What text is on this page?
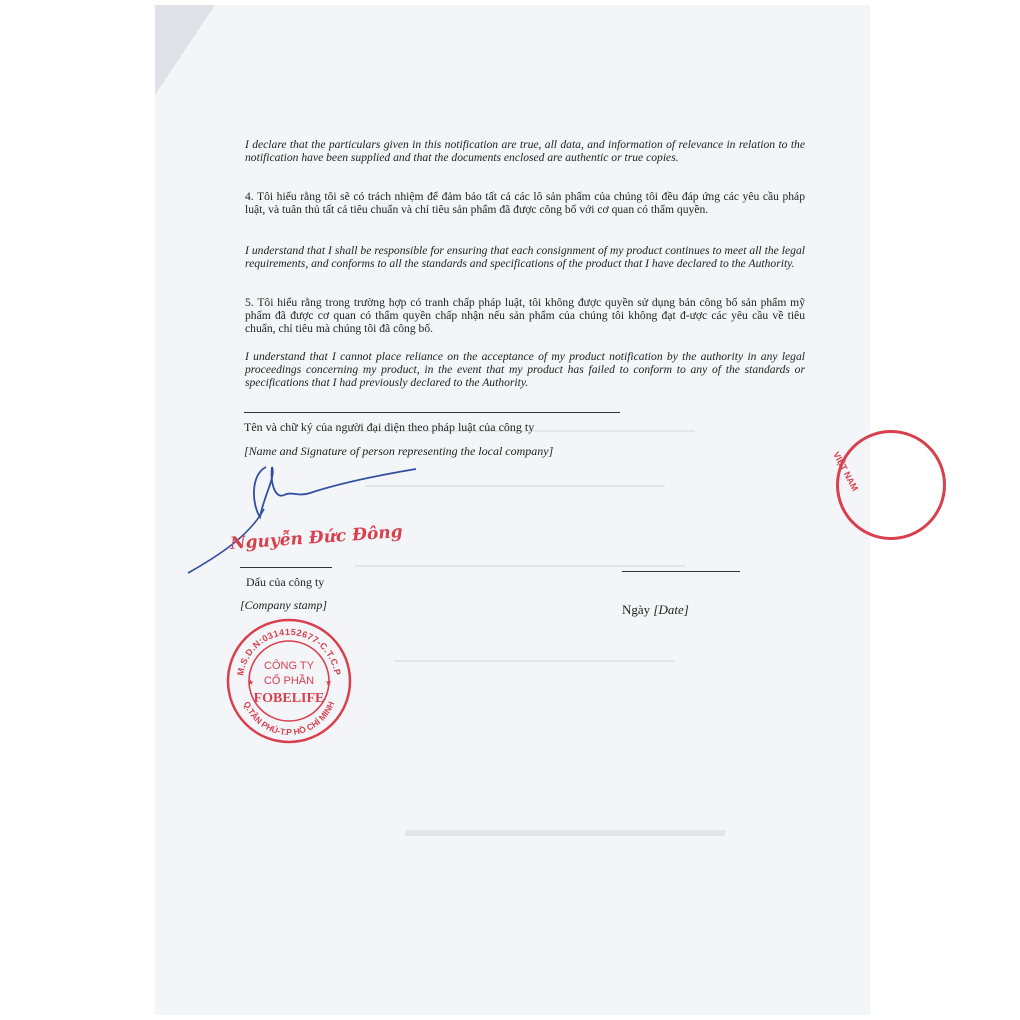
I declare that the particulars given in this notification are true, all data, and information of relevance in relation to the notification have been supplied and that the documents enclosed are authentic or true copies.

4. Tôi hiểu rằng tôi sẽ có trách nhiệm để đảm bảo tất cả các lô sản phẩm của chúng tôi đều đáp ứng các yêu cầu pháp luật, và tuân thủ tất cả tiêu chuẩn và chỉ tiêu sản phẩm đã được công bố với cơ quan có thẩm quyền.

I understand that I shall be responsible for ensuring that each consignment of my product continues to meet all the legal requirements, and conforms to all the standards and specifications of the product that I have declared to the Authority.

5. Tôi hiểu rằng trong trường hợp có tranh chấp pháp luật, tôi không được quyền sử dụng bản công bố sản phẩm mỹ phẩm đã được cơ quan có thẩm quyền chấp nhận nếu sản phẩm của chúng tôi không đạt đ-ược các yêu cầu về tiêu chuẩn, chỉ tiêu mà chúng tôi đã công bố.

I understand that I cannot place reliance on the acceptance of my product notification by the authority in any legal proceedings concerning my product, in the event that my product has failed to conform to any of the standards or specifications that I had previously declared to the Authority.

Tên và chữ ký của người đại diện theo pháp luật của công ty
[Name and Signature of person representing the local company]
Nguyễn Đức Đông
Dấu của công ty
[Company stamp]
M.S.D.N:0314152677-C.T.C.P
Q.TÂN PHÚ-T.P HỒ CHÍ MINH
CÔNG TY
CỔ PHẦN
FOBELIFE
★	★
Ngày [Date]
VIỆT NAM
